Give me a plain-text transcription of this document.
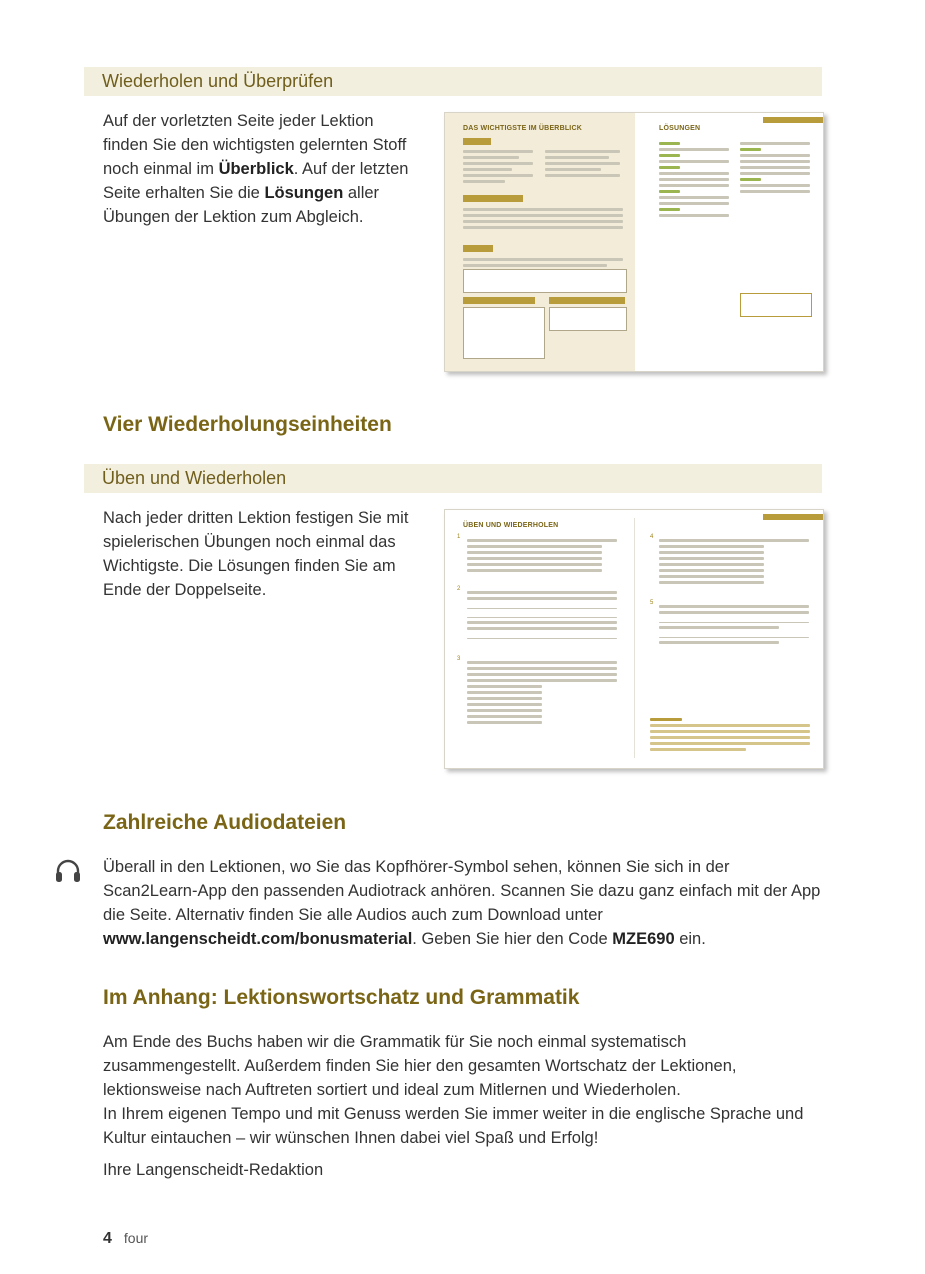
Wiederholen und Überprüfen
Auf der vorletzten Seite jeder Lektion finden Sie den wichtigsten gelernten Stoff noch einmal im Überblick. Auf der letzten Seite erhalten Sie die Lösungen aller Übungen der Lektion zum Abgleich.
DAS WICHTIGSTE IM ÜBERBLICK	LÖSUNGEN
Vier Wiederholungseinheiten
Üben und Wiederholen
Nach jeder dritten Lektion festigen Sie mit spielerischen Übungen noch einmal das Wichtigste. Die Lösungen finden Sie am Ende der Doppelseite.
ÜBEN UND WIEDERHOLEN
1
2
3
4
5
Zahlreiche Audiodateien
Überall in den Lektionen, wo Sie das Kopfhörer-Symbol sehen, können Sie sich in der Scan2Learn-App den passenden Audiotrack anhören. Scannen Sie dazu ganz einfach mit der App die Seite. Alternativ finden Sie alle Audios auch zum Download unter www.langenscheidt.com/bonusmaterial. Geben Sie hier den Code MZE690 ein.
Im Anhang: Lektionswortschatz und Grammatik
Am Ende des Buchs haben wir die Grammatik für Sie noch einmal systematisch zusammengestellt. Außerdem finden Sie hier den gesamten Wortschatz der Lektionen, lektionsweise nach Auftreten sortiert und ideal zum Mitlernen und Wiederholen.
In Ihrem eigenen Tempo und mit Genuss werden Sie immer weiter in die englische Sprache und Kultur eintauchen – wir wünschen Ihnen dabei viel Spaß und Erfolg!
Ihre Langenscheidt-Redaktion
4 four
